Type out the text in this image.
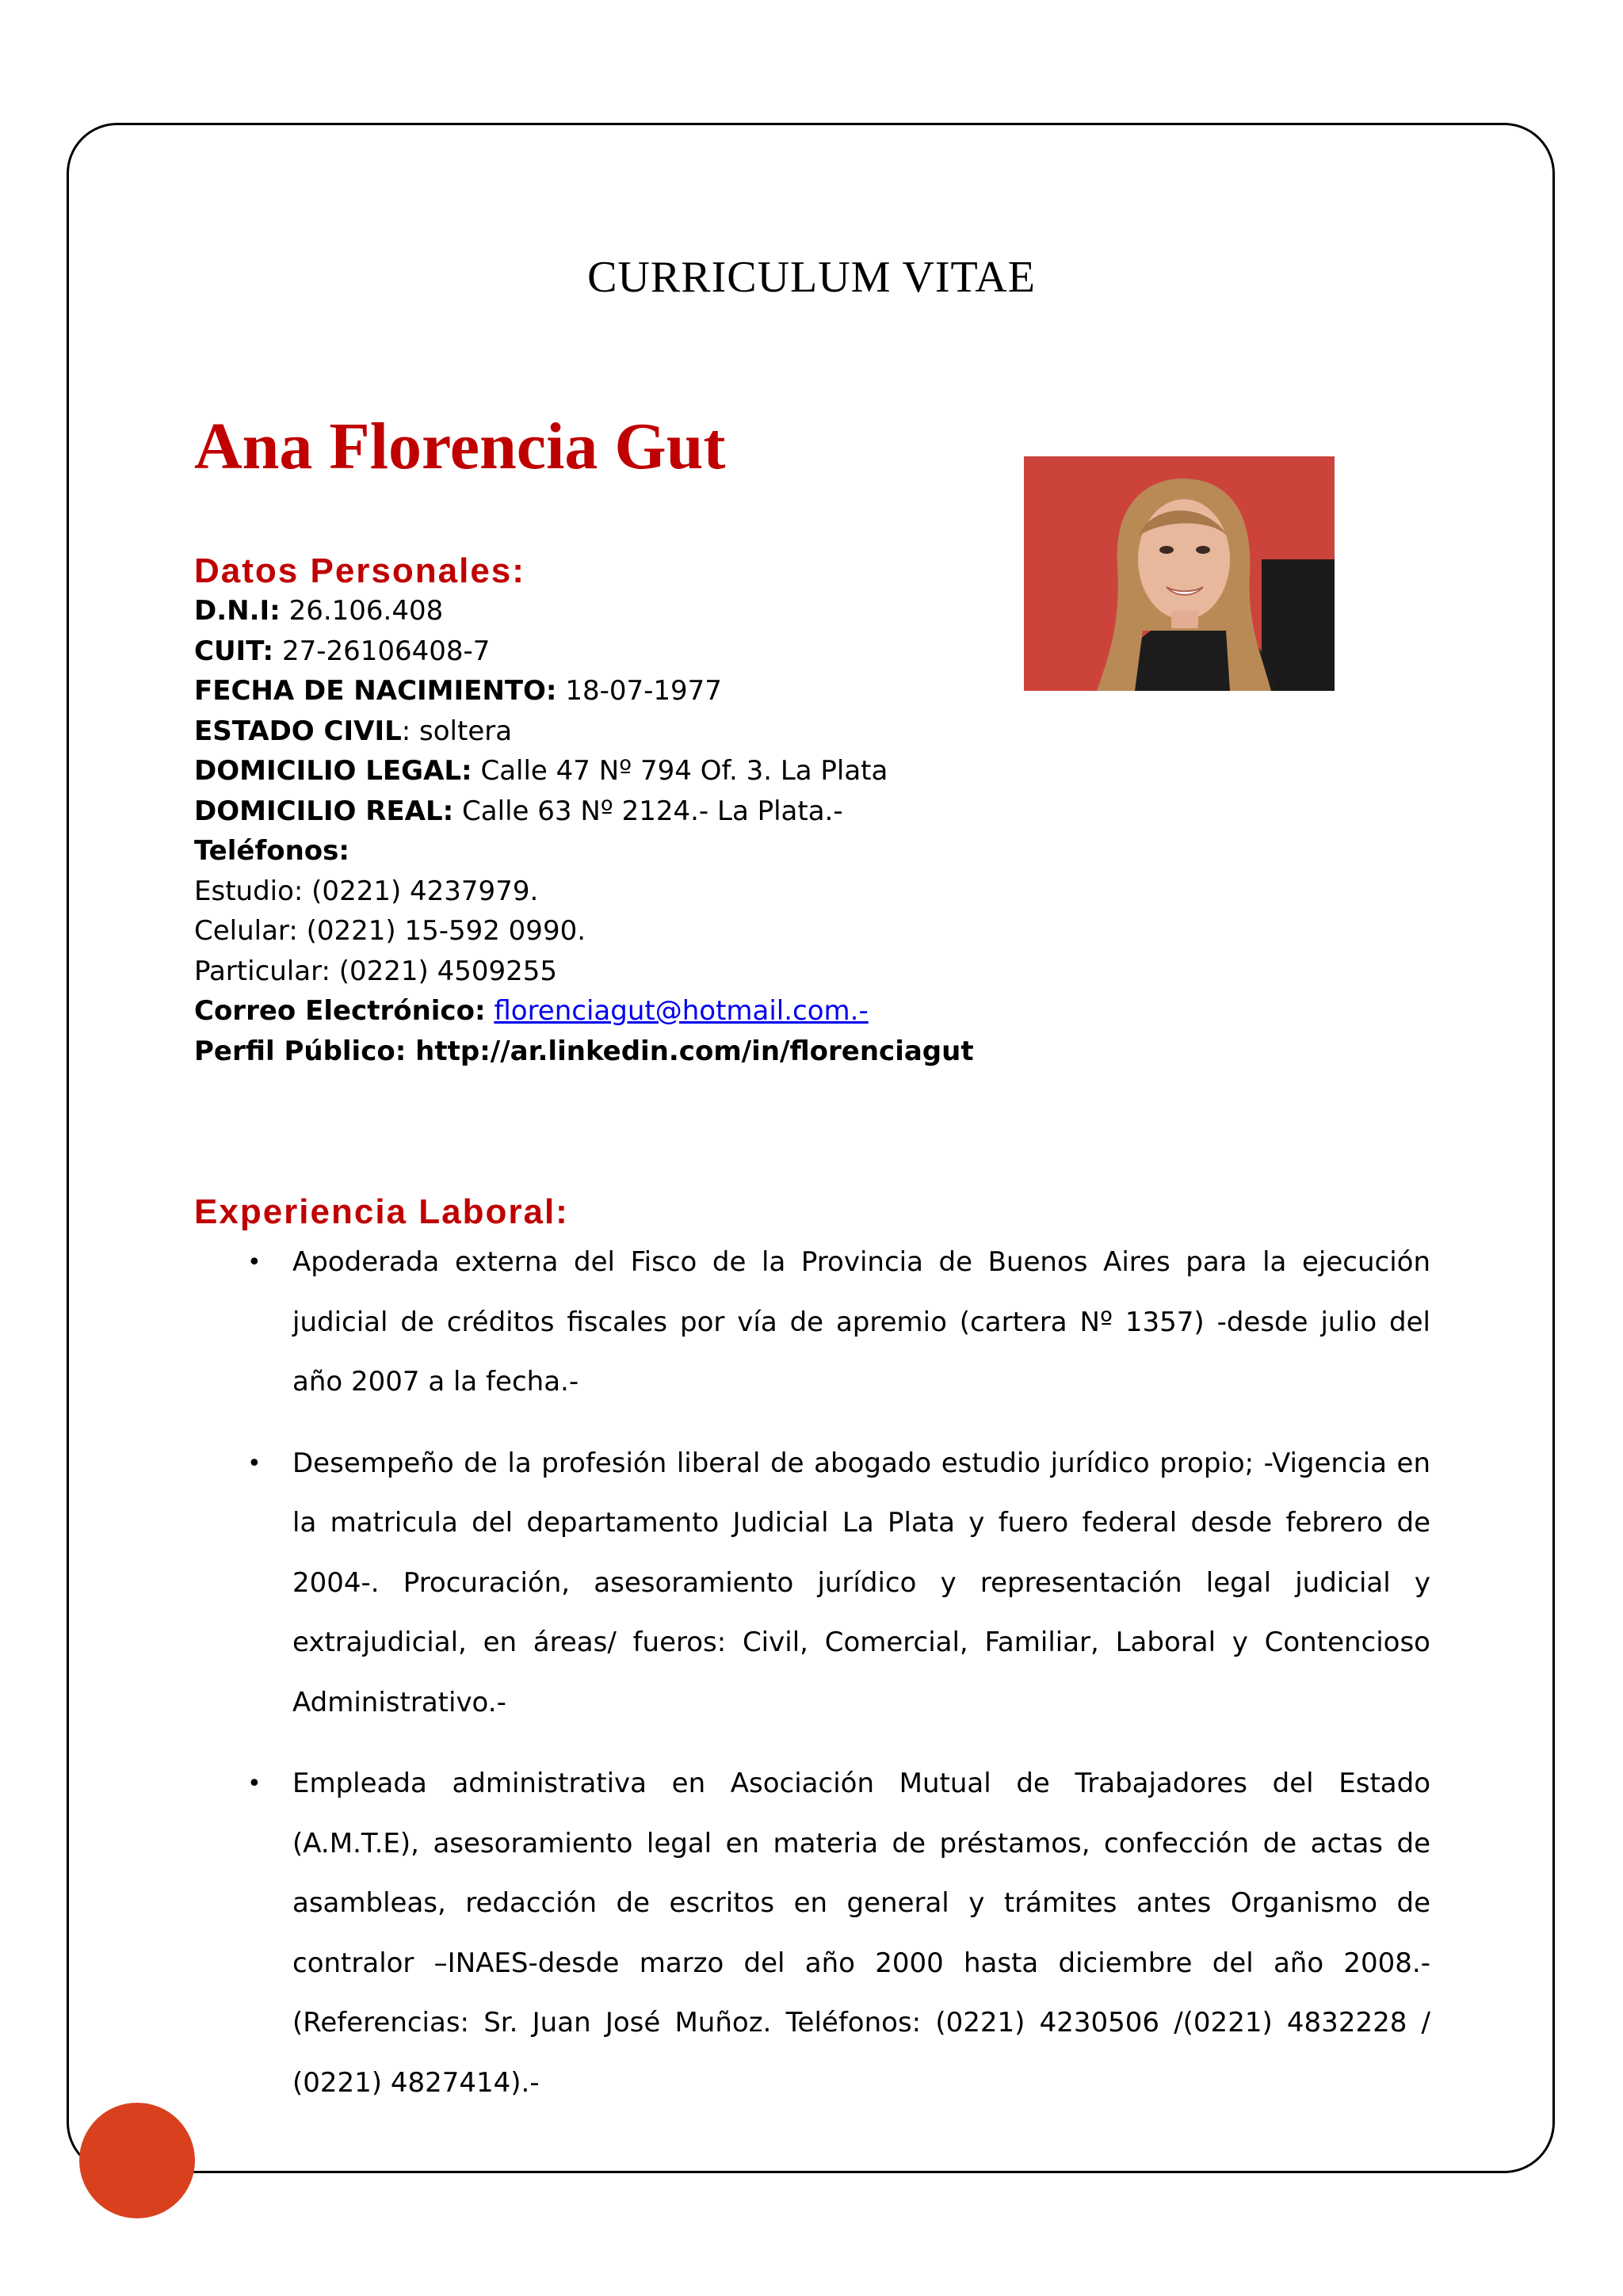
CURRICULUM VITAE
Ana Florencia Gut
Datos Personales:
D.N.I: 26.106.408
CUIT: 27-26106408-7
FECHA DE NACIMIENTO: 18-07-1977
ESTADO CIVIL: soltera
DOMICILIO LEGAL: Calle 47 Nº 794 Of. 3. La Plata
DOMICILIO REAL: Calle 63 Nº 2124.- La Plata.-
Teléfonos:
Estudio: (0221) 4237979.
Celular: (0221) 15-592 0990.
Particular: (0221) 4509255
Correo Electrónico: florenciagut@hotmail.com.-
Perfil Público: http://ar.linkedin.com/in/florenciagut
Experiencia Laboral:
• Apoderada externa del Fisco de la Provincia de Buenos Aires para la ejecución judicial de créditos fiscales por vía de apremio (cartera Nº 1357) -desde julio del año 2007 a la fecha.-
• Desempeño de la profesión liberal de abogado estudio jurídico propio; -Vigencia en la matricula del departamento Judicial La Plata y fuero federal desde febrero de 2004-. Procuración, asesoramiento jurídico y representación legal judicial y extrajudicial, en áreas/ fueros: Civil, Comercial, Familiar, Laboral y Contencioso Administrativo.-
• Empleada administrativa en Asociación Mutual de Trabajadores del Estado (A.M.T.E), asesoramiento legal en materia de préstamos, confección de actas de asambleas, redacción de escritos en general y trámites antes Organismo de contralor –INAES-desde marzo del año 2000 hasta diciembre del año 2008.- (Referencias: Sr. Juan José Muñoz. Teléfonos: (0221) 4230506 /(0221) 4832228 / (0221) 4827414).-
